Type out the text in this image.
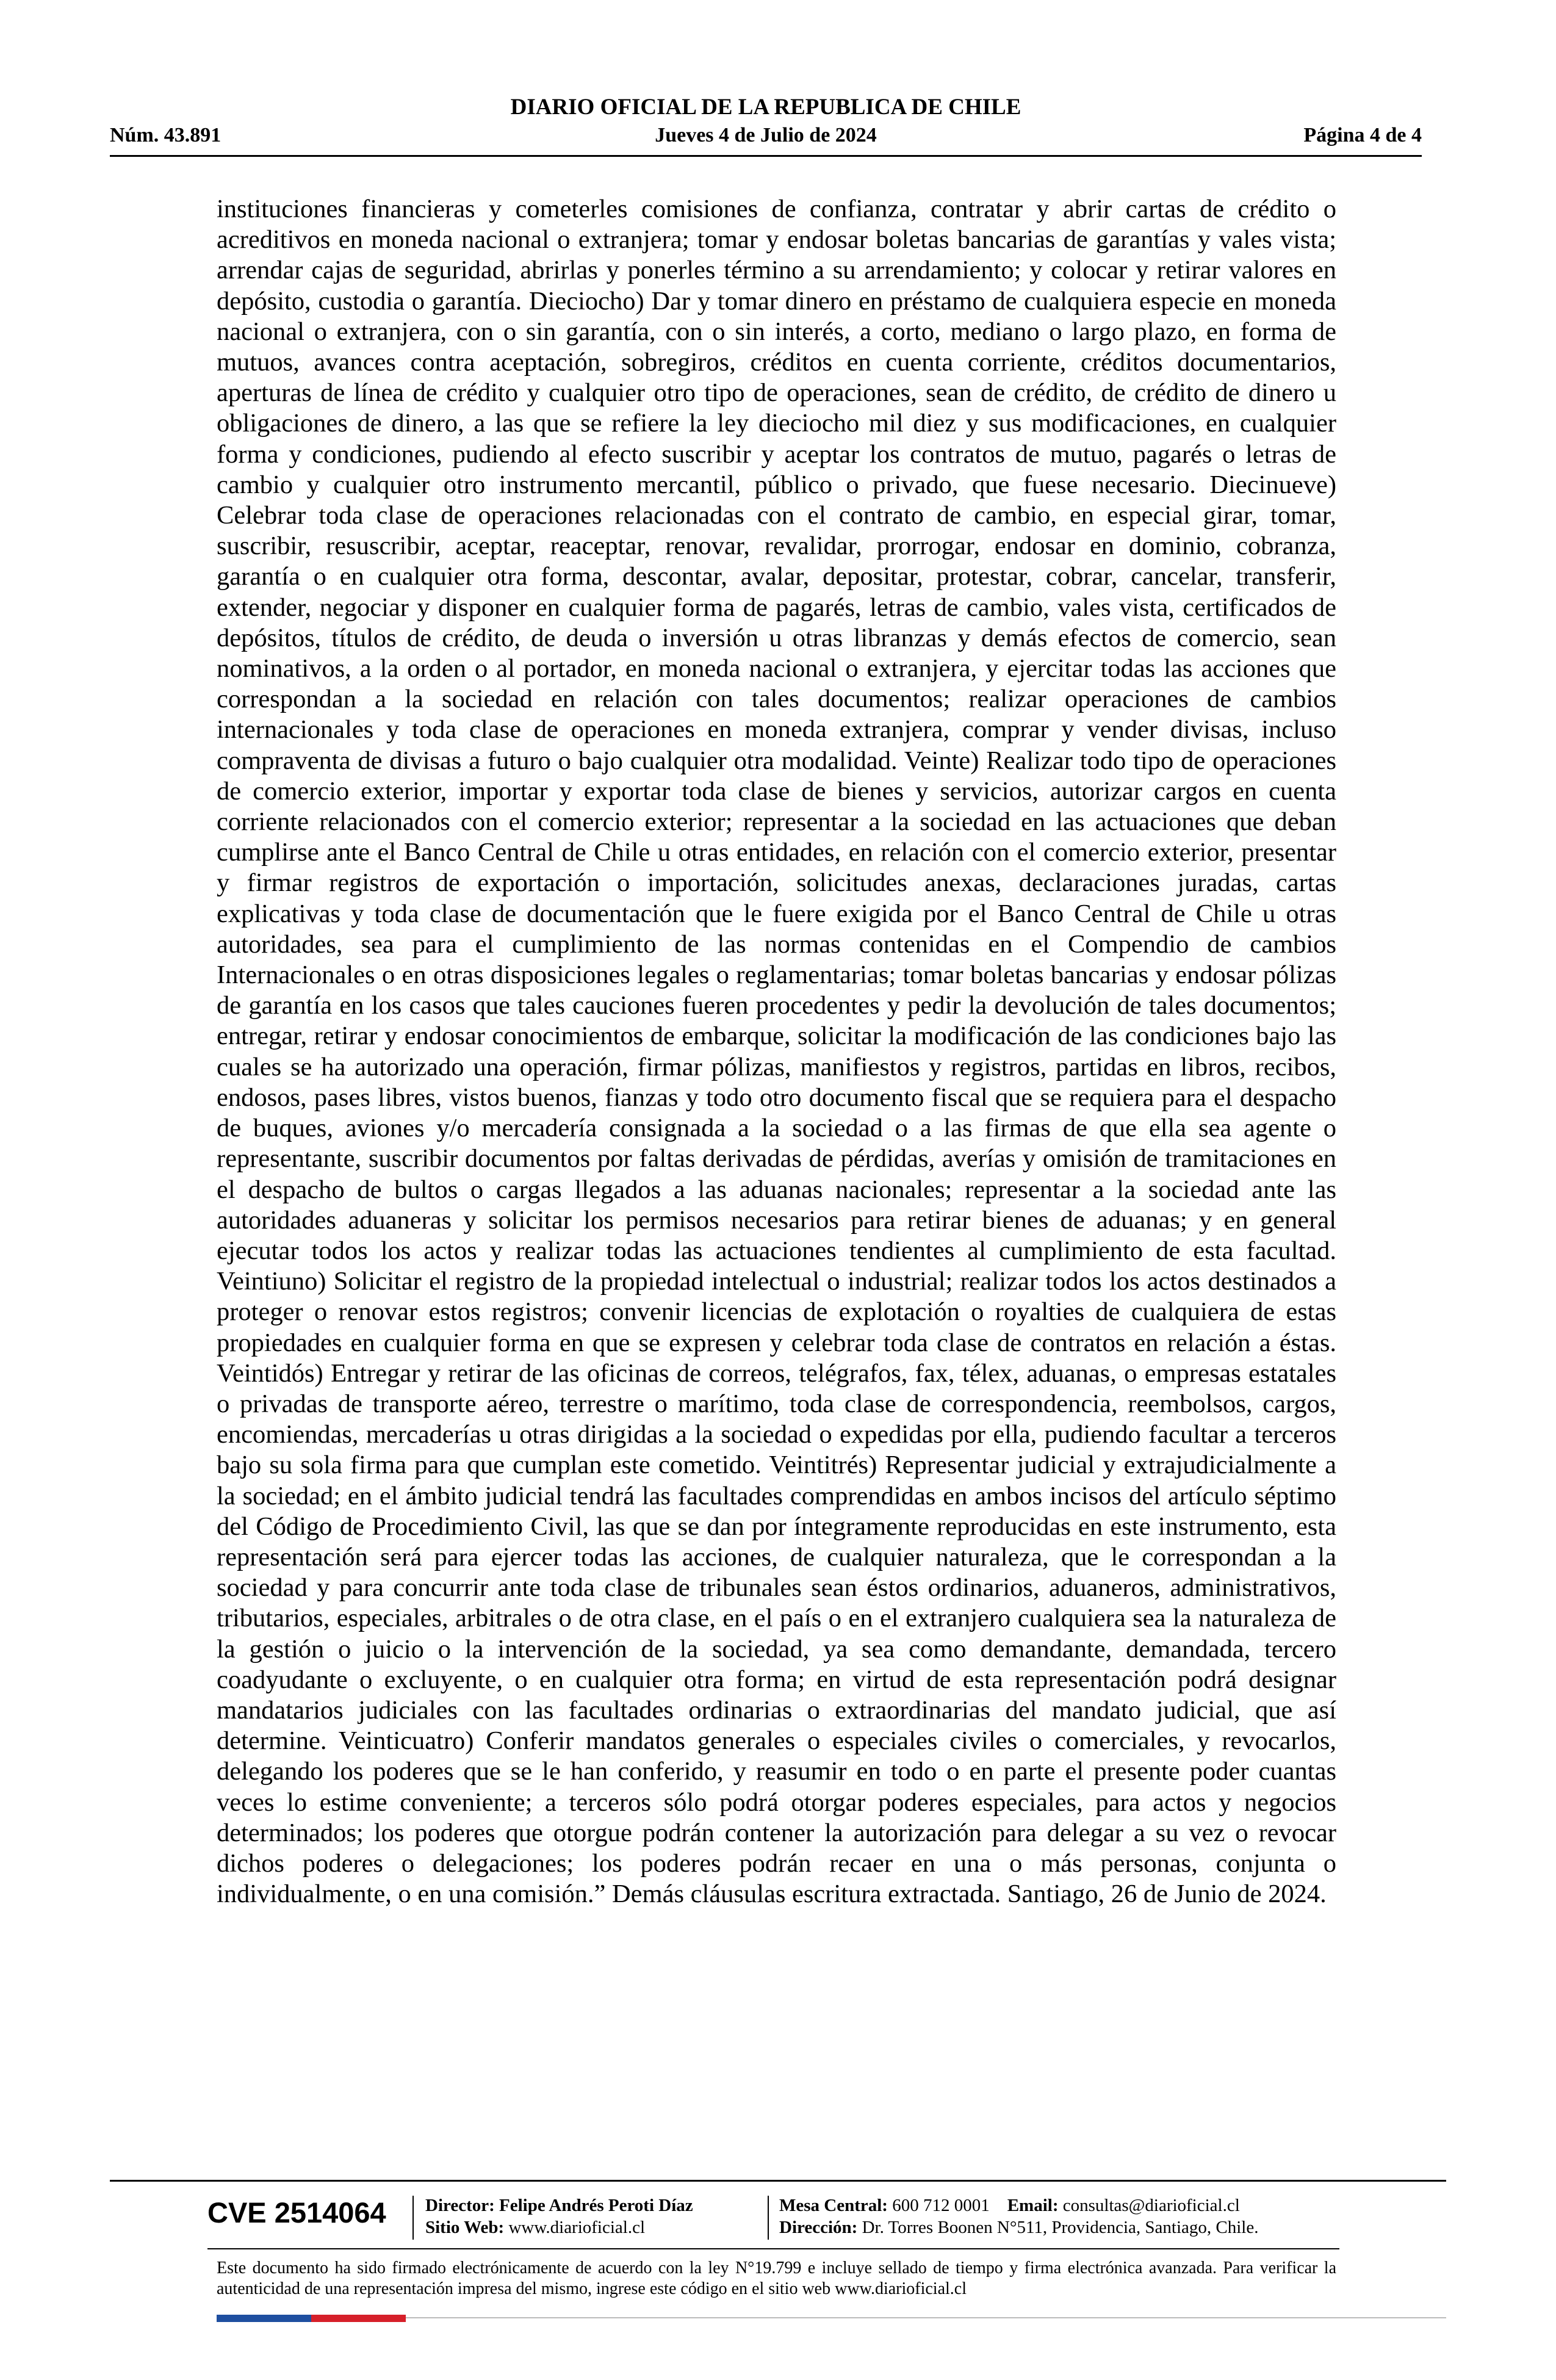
DIARIO OFICIAL DE LA REPUBLICA DE CHILE
Núm. 43.891	Jueves 4 de Julio de 2024	Página 4 de 4
instituciones financieras y cometerles comisiones de confianza, contratar y abrir cartas de crédito o acreditivos en moneda nacional o extranjera; tomar y endosar boletas bancarias de garantías y vales vista; arrendar cajas de seguridad, abrirlas y ponerles término a su arrendamiento; y colocar y retirar valores en depósito, custodia o garantía. Dieciocho) Dar y tomar dinero en préstamo de cualquiera especie en moneda nacional o extranjera, con o sin garantía, con o sin interés, a corto, mediano o largo plazo, en forma de mutuos, avances contra aceptación, sobregiros, créditos en cuenta corriente, créditos documentarios, aperturas de línea de crédito y cualquier otro tipo de operaciones, sean de crédito, de crédito de dinero u obligaciones de dinero, a las que se refiere la ley dieciocho mil diez y sus modificaciones, en cualquier forma y condiciones, pudiendo al efecto suscribir y aceptar los contratos de mutuo, pagarés o letras de cambio y cualquier otro instrumento mercantil, público o privado, que fuese necesario. Diecinueve) Celebrar toda clase de operaciones relacionadas con el contrato de cambio, en especial girar, tomar, suscribir, resuscribir, aceptar, reaceptar, renovar, revalidar, prorrogar, endosar en dominio, cobranza, garantía o en cualquier otra forma, descontar, avalar, depositar, protestar, cobrar, cancelar, transferir, extender, negociar y disponer en cualquier forma de pagarés, letras de cambio, vales vista, certificados de depósitos, títulos de crédito, de deuda o inversión u otras libranzas y demás efectos de comercio, sean nominativos, a la orden o al portador, en moneda nacional o extranjera, y ejercitar todas las acciones que correspondan a la sociedad en relación con tales documentos; realizar operaciones de cambios internacionales y toda clase de operaciones en moneda extranjera, comprar y vender divisas, incluso compraventa de divisas a futuro o bajo cualquier otra modalidad. Veinte) Realizar todo tipo de operaciones de comercio exterior, importar y exportar toda clase de bienes y servicios, autorizar cargos en cuenta corriente relacionados con el comercio exterior; representar a la sociedad en las actuaciones que deban cumplirse ante el Banco Central de Chile u otras entidades, en relación con el comercio exterior, presentar y firmar registros de exportación o importación, solicitudes anexas, declaraciones juradas, cartas explicativas y toda clase de documentación que le fuere exigida por el Banco Central de Chile u otras autoridades, sea para el cumplimiento de las normas contenidas en el Compendio de cambios Internacionales o en otras disposiciones legales o reglamentarias; tomar boletas bancarias y endosar pólizas de garantía en los casos que tales cauciones fueren procedentes y pedir la devolución de tales documentos; entregar, retirar y endosar conocimientos de embarque, solicitar la modificación de las condiciones bajo las cuales se ha autorizado una operación, firmar pólizas, manifiestos y registros, partidas en libros, recibos, endosos, pases libres, vistos buenos, fianzas y todo otro documento fiscal que se requiera para el despacho de buques, aviones y/o mercadería consignada a la sociedad o a las firmas de que ella sea agente o representante, suscribir documentos por faltas derivadas de pérdidas, averías y omisión de tramitaciones en el despacho de bultos o cargas llegados a las aduanas nacionales; representar a la sociedad ante las autoridades aduaneras y solicitar los permisos necesarios para retirar bienes de aduanas; y en general ejecutar todos los actos y realizar todas las actuaciones tendientes al cumplimiento de esta facultad. Veintiuno) Solicitar el registro de la propiedad intelectual o industrial; realizar todos los actos destinados a proteger o renovar estos registros; convenir licencias de explotación o royalties de cualquiera de estas propiedades en cualquier forma en que se expresen y celebrar toda clase de contratos en relación a éstas. Veintidós) Entregar y retirar de las oficinas de correos, telégrafos, fax, télex, aduanas, o empresas estatales o privadas de transporte aéreo, terrestre o marítimo, toda clase de correspondencia, reembolsos, cargos, encomiendas, mercaderías u otras dirigidas a la sociedad o expedidas por ella, pudiendo facultar a terceros bajo su sola firma para que cumplan este cometido. Veintitrés) Representar judicial y extrajudicialmente a la sociedad; en el ámbito judicial tendrá las facultades comprendidas en ambos incisos del artículo séptimo del Código de Procedimiento Civil, las que se dan por íntegramente reproducidas en este instrumento, esta representación será para ejercer todas las acciones, de cualquier naturaleza, que le correspondan a la sociedad y para concurrir ante toda clase de tribunales sean éstos ordinarios, aduaneros, administrativos, tributarios, especiales, arbitrales o de otra clase, en el país o en el extranjero cualquiera sea la naturaleza de la gestión o juicio o la intervención de la sociedad, ya sea como demandante, demandada, tercero coadyudante o excluyente, o en cualquier otra forma; en virtud de esta representación podrá designar mandatarios judiciales con las facultades ordinarias o extraordinarias del mandato judicial, que así determine. Veinticuatro) Conferir mandatos generales o especiales civiles o comerciales, y revocarlos, delegando los poderes que se le han conferido, y reasumir en todo o en parte el presente poder cuantas veces lo estime conveniente; a terceros sólo podrá otorgar poderes especiales, para actos y negocios determinados; los poderes que otorgue podrán contener la autorización para delegar a su vez o revocar dichos poderes o delegaciones; los poderes podrán recaer en una o más personas, conjunta o individualmente, o en una comisión.” Demás cláusulas escritura extractada. Santiago, 26 de Junio de 2024.
CVE 2514064 Director: Felipe Andrés Peroti Díaz
Sitio Web: www.diarioficial.cl
Mesa Central: 600 712 0001 Email: consultas@diarioficial.cl
Dirección: Dr. Torres Boonen N°511, Providencia, Santiago, Chile.
Este documento ha sido firmado electrónicamente de acuerdo con la ley N°19.799 e incluye sellado de tiempo y firma electrónica avanzada. Para verificar la autenticidad de una representación impresa del mismo, ingrese este código en el sitio web www.diarioficial.cl
